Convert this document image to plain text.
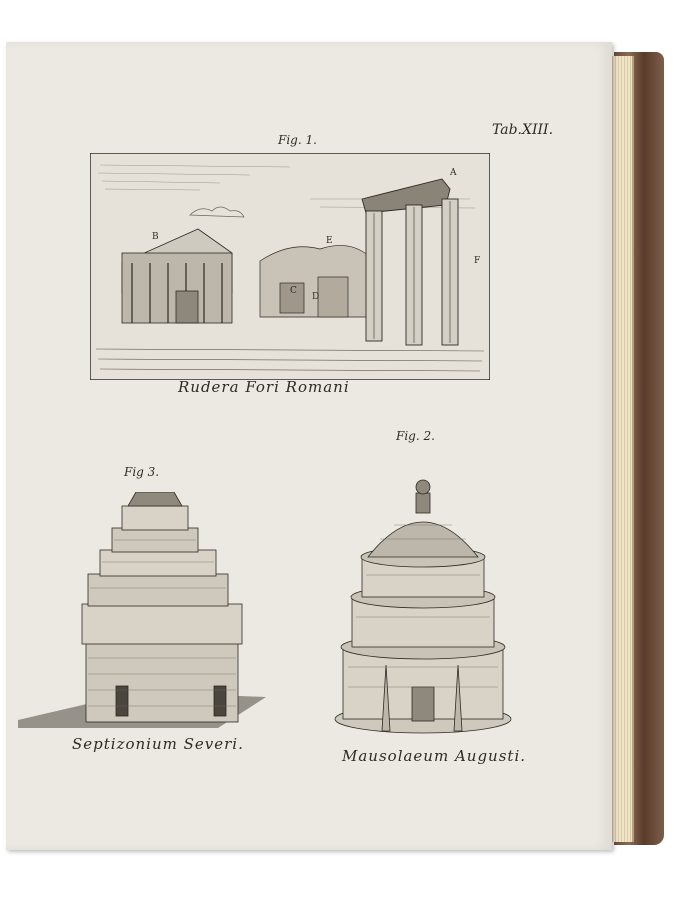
Tab.XIII.
Fig. 1.
A
B
C
D
E
F
Rudera Fori Romani
Fig. 2.
Fig 3.
Septizonium Severi.
Mausolaeum Augusti.
